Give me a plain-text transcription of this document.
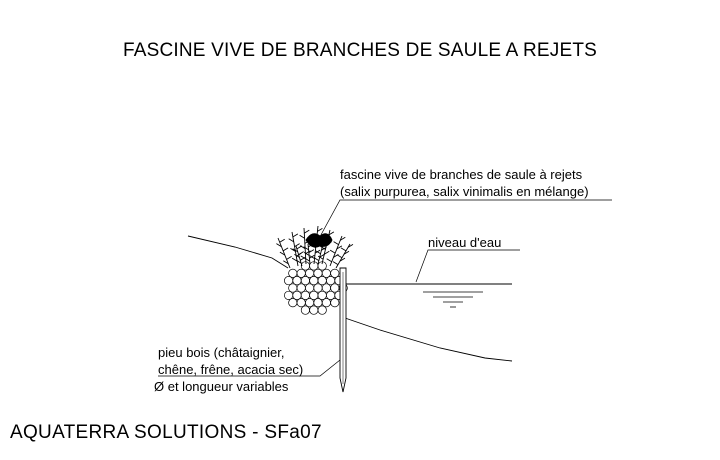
FASCINE VIVE DE BRANCHES DE SAULE A REJETS
fascine vive de branches de saule à rejets
(salix purpurea, salix vinimalis en mélange)
niveau d'eau
pieu bois (châtaignier,
chêne, frêne, acacia sec)
Ø et longueur variables
AQUATERRA SOLUTIONS - SFa07
